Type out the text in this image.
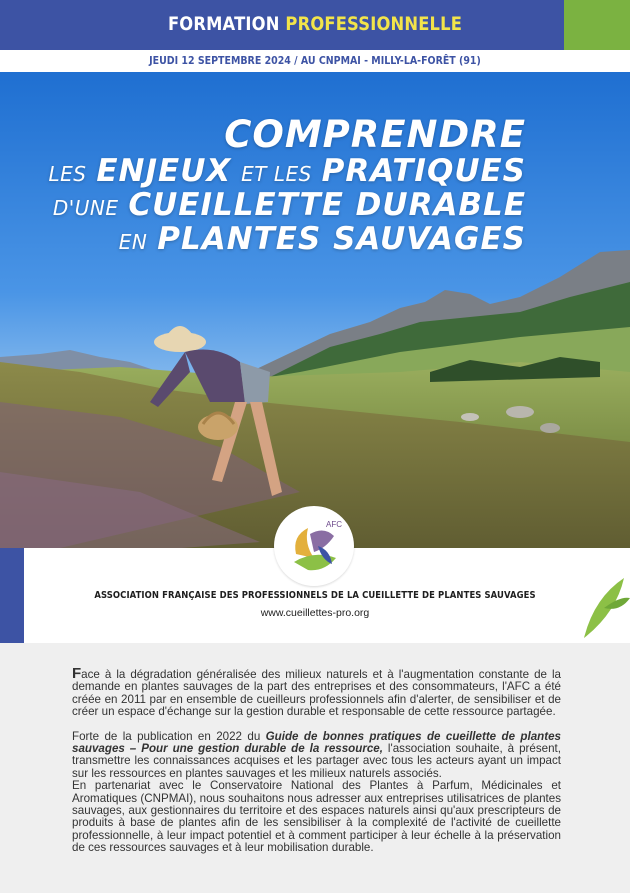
FORMATION PROFESSIONNELLE
JEUDI 12 SEPTEMBRE 2024 / AU CNPMAI - MILLY-LA-FORÊT (91)
COMPRENDRE
LES ENJEUX ET LES PRATIQUES
D'UNE CUEILLETTE DURABLE
EN PLANTES SAUVAGES
AFC
ASSOCIATION FRANÇAISE DES PROFESSIONNELS DE LA CUEILLETTE DE PLANTES SAUVAGES
www.cueillettes-pro.org

Face à la dégradation généralisée des milieux naturels et à l'augmentation constante de la demande en plantes sauvages de la part des entreprises et des consommateurs, l'AFC a été créée en 2011 par en ensemble de cueilleurs professionnels afin d'alerter, de sensibiliser et de créer un espace d'échange sur la gestion durable et responsable de cette ressource partagée.

Forte de la publication en 2022 du Guide de bonnes pratiques de cueillette de plantes sauvages – Pour une gestion durable de la ressource, l'association souhaite, à présent, transmettre les connaissances acquises et les partager avec tous les acteurs ayant un impact sur les ressources en plantes sauvages et les milieux naturels associés.

En partenariat avec le Conservatoire National des Plantes à Parfum, Médicinales et Aromatiques (CNPMAI), nous souhaitons nous adresser aux entreprises utilisatrices de plantes sauvages, aux gestionnaires du territoire et des espaces naturels ainsi qu'aux prescripteurs de produits à base de plantes afin de les sensibiliser à la complexité de l'activité de cueillette professionnelle, à leur impact potentiel et à comment participer à leur échelle à la préservation de ces ressources sauvages et à leur mobilisation durable.
